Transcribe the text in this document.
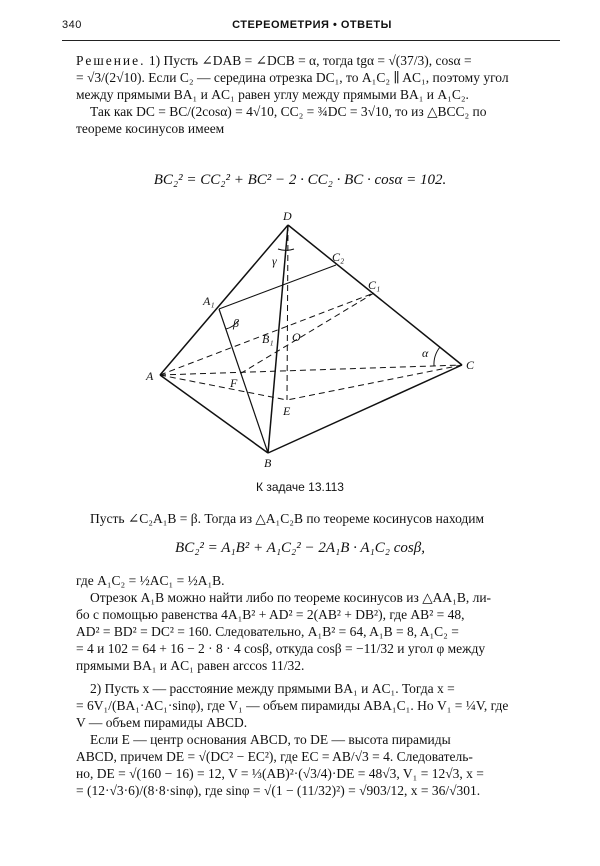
340	СТЕРЕОМЕТРИЯ • ОТВЕТЫ

Решение. 1) Пусть ∠DAB = ∠DCB = α, тогда tgα = √(37/3), cosα =

= √3/(2√10). Если C₂ — середина отрезка DC₁, то A₁C₂ ∥ AC₁, поэтому угол

между прямыми BA₁ и AC₁ равен углу между прямыми BA₁ и A₁C₂.

Так как DC = BC/(2cosα) = 4√10, CC₂ = ¾DC = 3√10, то из △BCC₂ по

теореме косинусов имеем

BC₂² = CC₂² + BC² − 2 · CC₂ · BC · cosα = 102.
D
A
B
C
A₁
C₁
C₂
B₁ O
F
E
α
β
γ
К задаче 13.113

Пусть ∠C₂A₁B = β. Тогда из △A₁C₂B по теореме косинусов находим

BC₂² = A₁B² + A₁C₂² − 2A₁B · A₁C₂ cosβ,

где A₁C₂ = ½AC₁ = ½A₁B.

Отрезок A₁B можно найти либо по теореме косинусов из △AA₁B, ли-

бо с помощью равенства 4A₁B² + AD² = 2(AB² + DB²), где AB² = 48,

AD² = BD² = DC² = 160. Следовательно, A₁B² = 64, A₁B = 8, A₁C₂ =

= 4 и 102 = 64 + 16 − 2 · 8 · 4 cosβ, откуда cosβ = −11/32 и угол φ между

прямыми BA₁ и AC₁ равен arccos 11/32.

2) Пусть x — расстояние между прямыми BA₁ и AC₁. Тогда x =

= 6V₁/(BA₁·AC₁·sinφ), где V₁ — объем пирамиды ABA₁C₁. Но V₁ = ¼V, где

V — объем пирамиды ABCD.

Если E — центр основания ABCD, то DE — высота пирамиды

ABCD, причем DE = √(DC² − EC²), где EC = AB/√3 = 4. Следователь-

но, DE = √(160 − 16) = 12, V = ⅓(AB)²·(√3/4)·DE = 48√3, V₁ = 12√3, x =

= (12·√3·6)/(8·8·sinφ), где sinφ = √(1 − (11/32)²) = √903/12, x = 36/√301.
